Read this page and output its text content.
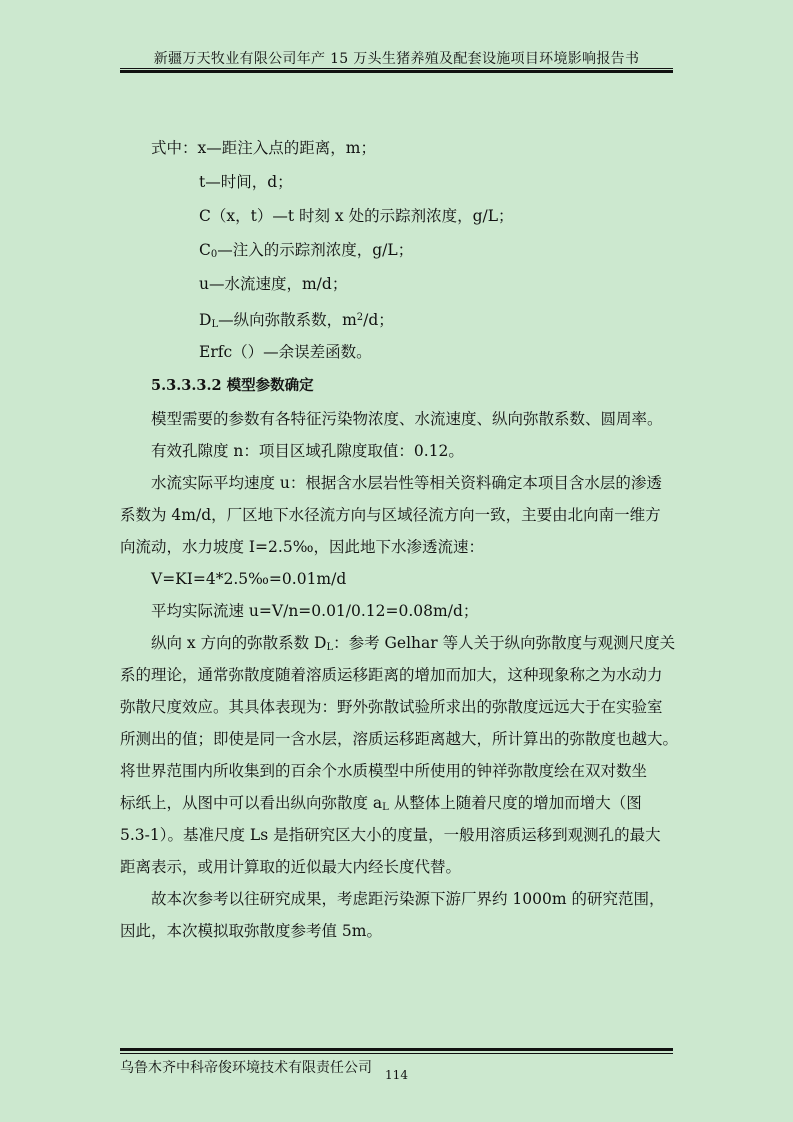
新疆万天牧业有限公司年产 15 万头生猪养殖及配套设施项目环境影响报告书
式中：x—距注入点的距离，m；
t—时间，d；
C（x，t）—t 时刻 x 处的示踪剂浓度，g/L；
$C_0—$注入的示踪剂浓度，g/L；
u—水流速度，m/d；
$D_L—$纵向弥散系数，$m^2/d$；
Erfc（）—余误差函数。
5.3.3.3.2 模型参数确定
模型需要的参数有各特征污染物浓度、水流速度、纵向弥散系数、圆周率。
有效孔隙度 n：项目区域孔隙度取值：0.12。
水流实际平均速度 u：根据含水层岩性等相关资料确定本项目含水层的渗透
系数为 4m/d，厂区地下水径流方向与区域径流方向一致，主要由北向南一维方
向流动，水力坡度 I=2.5‰，因此地下水渗透流速：
V=KI=4*2.5‰=0.01m/d
平均实际流速 u=V/n=0.01/0.12=0.08m/d；
纵向 x 方向的弥散系数 $D_L$：参考 Gelhar 等人关于纵向弥散度与观测尺度关
系的理论，通常弥散度随着溶质运移距离的增加而加大，这种现象称之为水动力
弥散尺度效应。其具体表现为：野外弥散试验所求出的弥散度远远大于在实验室
所测出的值；即使是同一含水层，溶质运移距离越大，所计算出的弥散度也越大。
将世界范围内所收集到的百余个水质模型中所使用的钟祥弥散度绘在双对数坐
标纸上，从图中可以看出纵向弥散度 $a_L$ 从整体上随着尺度的增加而增大（图
5.3-1）。基准尺度 Ls 是指研究区大小的度量，一般用溶质运移到观测孔的最大
距离表示，或用计算取的近似最大内经长度代替。
故本次参考以往研究成果，考虑距污染源下游厂界约 1000m 的研究范围，
因此，本次模拟取弥散度参考值 5m。
乌鲁木齐中科帝俊环境技术有限责任公司	114
